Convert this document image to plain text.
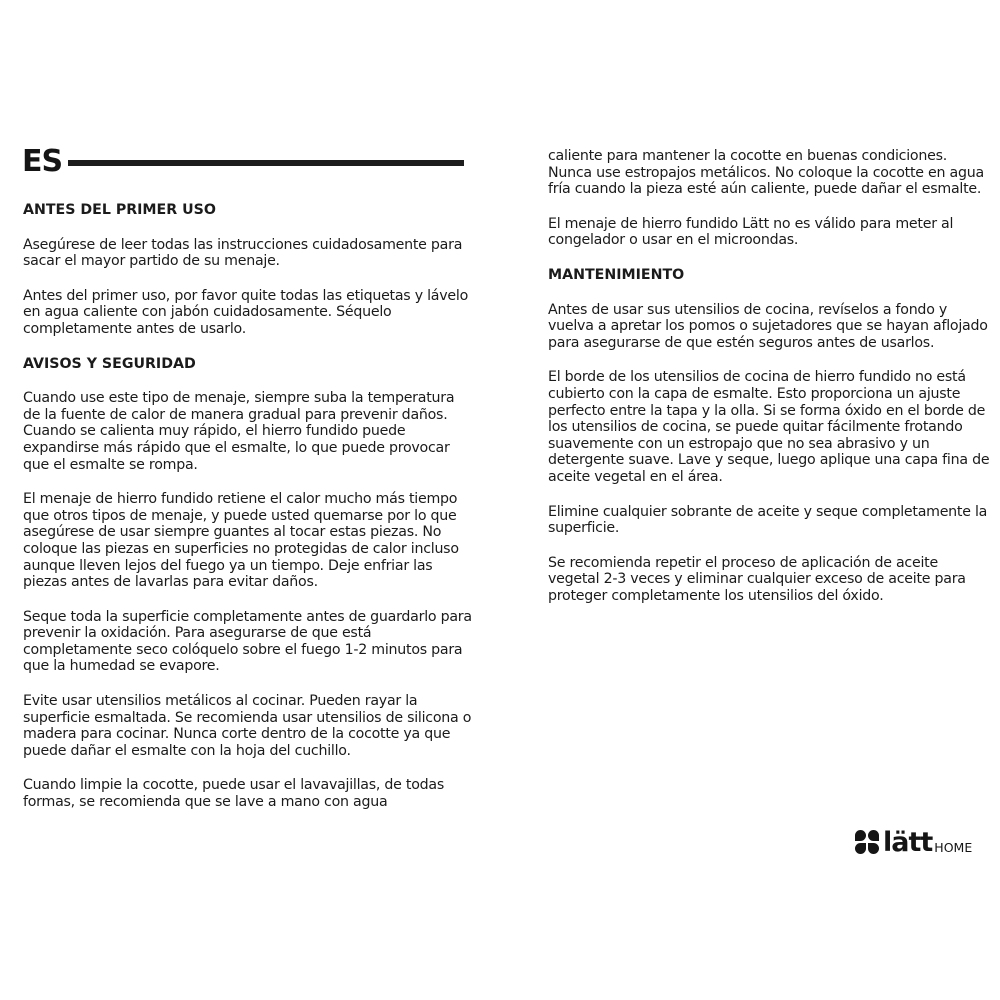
ES
ANTES DEL PRIMER USO

Asegúrese de leer todas las instrucciones cuidadosamente para sacar el mayor partido de su menaje.

Antes del primer uso, por favor quite todas las etiquetas y lávelo en agua caliente con jabón cuidadosamente. Séquelo completamente antes de usarlo.

AVISOS Y SEGURIDAD

Cuando use este tipo de menaje, siempre suba la temperatura de la fuente de calor de manera gradual para prevenir daños. Cuando se calienta muy rápido, el hierro fundido puede expandirse más rápido que el esmalte, lo que puede provocar que el esmalte se rompa.

El menaje de hierro fundido retiene el calor mucho más tiempo que otros tipos de menaje, y puede usted quemarse por lo que asegúrese de usar siempre guantes al tocar estas piezas. No coloque las piezas en superficies no protegidas de calor incluso aunque lleven lejos del fuego ya un tiempo. Deje enfriar las piezas antes de lavarlas para evitar daños.

Seque toda la superficie completamente antes de guardarlo para prevenir la oxidación. Para asegurarse de que está completamente seco colóquelo sobre el fuego 1-2 minutos para que la humedad se evapore.

Evite usar utensilios metálicos al cocinar. Pueden rayar la superficie esmaltada. Se recomienda usar utensilios de silicona o madera para cocinar. Nunca corte dentro de la cocotte ya que puede dañar el esmalte con la hoja del cuchillo.

Cuando limpie la cocotte, puede usar el lavavajillas, de todas formas, se recomienda que se lave a mano con agua

caliente para mantener la cocotte en buenas condiciones. Nunca use estropajos metálicos. No coloque la cocotte en agua fría cuando la pieza esté aún caliente, puede dañar el esmalte.

El menaje de hierro fundido Lätt no es válido para meter al congelador o usar en el microondas.

MANTENIMIENTO

Antes de usar sus utensilios de cocina, revíselos a fondo y vuelva a apretar los pomos o sujetadores que se hayan aflojado para asegurarse de que estén seguros antes de usarlos.

El borde de los utensilios de cocina de hierro fundido no está cubierto con la capa de esmalte. Esto proporciona un ajuste perfecto entre la tapa y la olla. Si se forma óxido en el borde de los utensilios de cocina, se puede quitar fácilmente frotando suavemente con un estropajo que no sea abrasivo y un detergente suave. Lave y seque, luego aplique una capa fina de aceite vegetal en el área.

Elimine cualquier sobrante de aceite y seque completamente la superficie.

Se recomienda repetir el proceso de aplicación de aceite vegetal 2-3 veces y eliminar cualquier exceso de aceite para proteger completamente los utensilios del óxido.

lätt HOME
